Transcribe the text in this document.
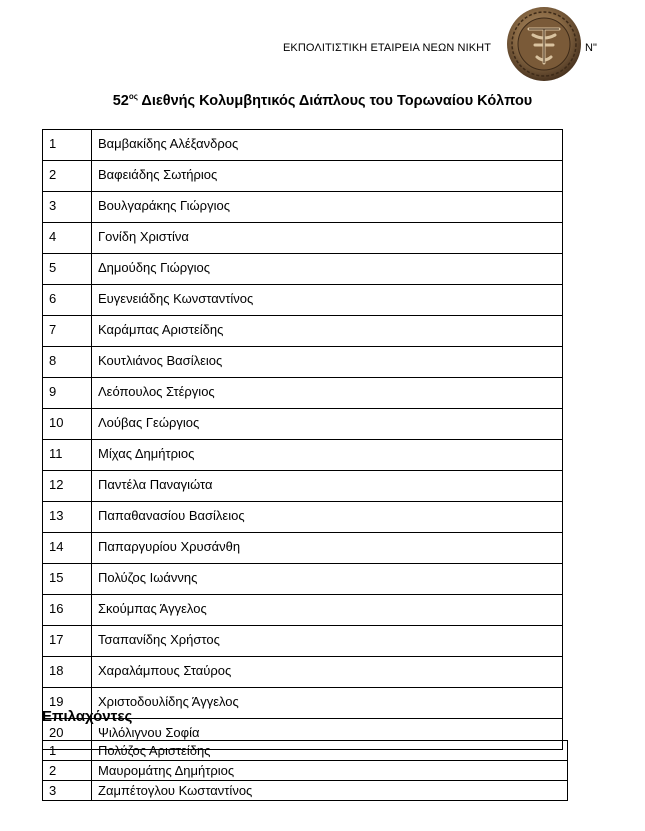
ΕΚΠΟΛΙΤΙΣΤΙΚΗ ΕΤΑΙΡΕΙΑ ΝΕΩΝ ΝΙΚΗΤ	Ν"
$52^{o\varsigma}$ Διεθνής Κολυμβητικός Διάπλους του Τορωναίου Κόλπου
1	Βαμβακίδης Αλέξανδρος
2	Βαφειάδης Σωτήριος
3	Βουλγαράκης Γιώργιος
4	Γονίδη Χριστίνα
5	Δημούδης Γιώργιος
6	Ευγενειάδης Κωνσταντίνος
7	Καράμπας Αριστείδης
8	Κουτλιάνος Βασίλειος
9	Λεόπουλος Στέργιος
10	Λούβας Γεώργιος
11	Μίχας Δημήτριος
12	Παντέλα Παναγιώτα
13	Παπαθανασίου Βασίλειος
14	Παπαργυρίου Χρυσάνθη
15	Πολύζος Ιωάννης
16	Σκούμπας Άγγελος
17	Τσαπανίδης Χρήστος
18	Χαραλάμπους Σταύρος
19	Χριστοδουλίδης Άγγελος
20	Ψιλόλιγνου Σοφία
Επιλαχόντες
1	Πολύζος Αριστείδης
2	Μαυρομάτης Δημήτριος
3	Ζαμπέτογλου Κωσταντίνος
